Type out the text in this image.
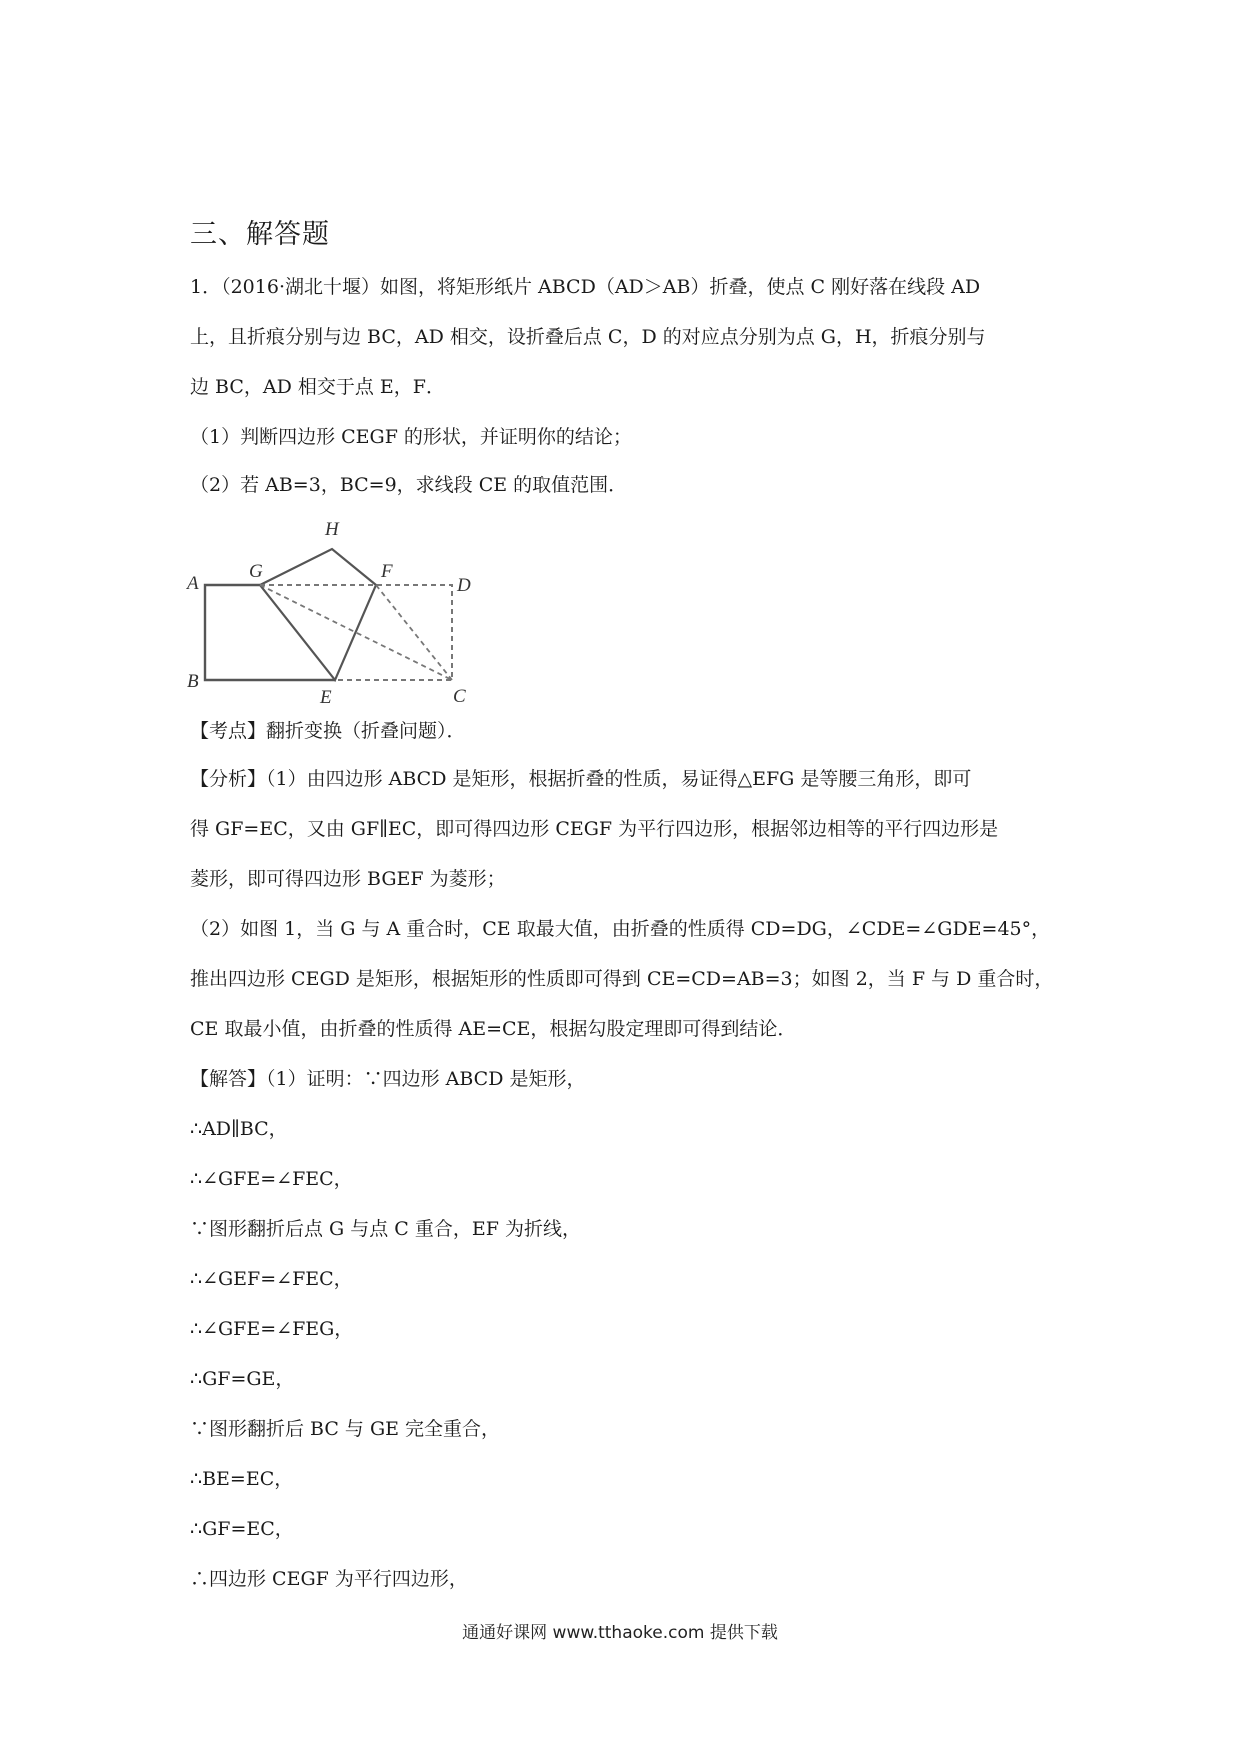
三、解答题
1．（2016·湖北十堰）如图，将矩形纸片 ABCD（AD＞AB）折叠，使点 C 刚好落在线段 AD
上，且折痕分别与边 BC，AD 相交，设折叠后点 C，D 的对应点分别为点 G，H，折痕分别与
边 BC，AD 相交于点 E，F．
（1）判断四边形 CEGF 的形状，并证明你的结论；
（2）若 AB=3，BC=9，求线段 CE 的取值范围．
A
B
C
D
E
F
G
H
【考点】翻折变换（折叠问题）．
【分析】（1）由四边形 ABCD 是矩形，根据折叠的性质，易证得△EFG 是等腰三角形，即可
得 GF=EC，又由 GF∥EC，即可得四边形 CEGF 为平行四边形，根据邻边相等的平行四边形是
菱形，即可得四边形 BGEF 为菱形；
（2）如图 1，当 G 与 A 重合时，CE 取最大值，由折叠的性质得 CD=DG，∠CDE=∠GDE=45°，
推出四边形 CEGD 是矩形，根据矩形的性质即可得到 CE=CD=AB=3；如图 2，当 F 与 D 重合时，
CE 取最小值，由折叠的性质得 AE=CE，根据勾股定理即可得到结论．
【解答】（1）证明：∵四边形 ABCD 是矩形，
∴AD∥BC，
∴∠GFE=∠FEC，
∵图形翻折后点 G 与点 C 重合，EF 为折线，
∴∠GEF=∠FEC，
∴∠GFE=∠FEG，
∴GF=GE，
∵图形翻折后 BC 与 GE 完全重合，
∴BE=EC，
∴GF=EC，
∴四边形 CEGF 为平行四边形，
通通好课网 www.tthaoke.com 提供下载
